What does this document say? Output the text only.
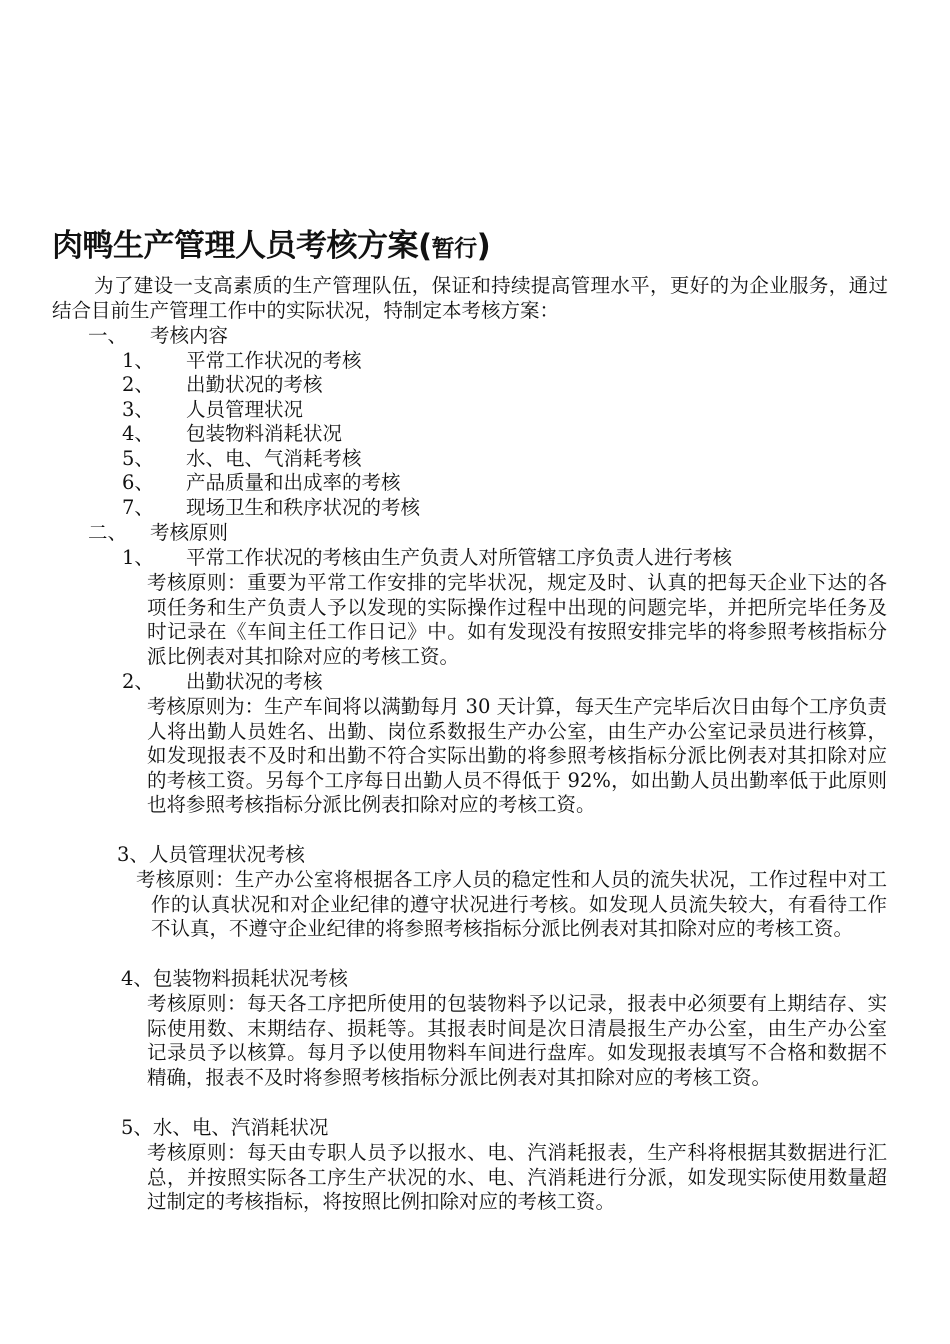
肉鸭生产管理人员考核方案(暂行)

为了建设一支高素质的生产管理队伍，保证和持续提高管理水平，更好的为企业服务，通过结合目前生产管理工作中的实际状况，特制定本考核方案：

一、 考核内容
1、 平常工作状况的考核
2、 出勤状况的考核
3、 人员管理状况
4、 包装物料消耗状况
5、 水、电、气消耗考核
6、 产品质量和出成率的考核
7、 现场卫生和秩序状况的考核
二、 考核原则
1、 平常工作状况的考核由生产负责人对所管辖工序负责人进行考核

考核原则：重要为平常工作安排的完毕状况，规定及时、认真的把每天企业下达的各项任务和生产负责人予以发现的实际操作过程中出现的问题完毕，并把所完毕任务及时记录在《车间主任工作日记》中。如有发现没有按照安排完毕的将参照考核指标分派比例表对其扣除对应的考核工资。

2、 出勤状况的考核

考核原则为：生产车间将以满勤每月 30 天计算，每天生产完毕后次日由每个工序负责人将出勤人员姓名、出勤、岗位系数报生产办公室，由生产办公室记录员进行核算，如发现报表不及时和出勤不符合实际出勤的将参照考核指标分派比例表对其扣除对应的考核工资。另每个工序每日出勤人员不得低于 92%，如出勤人员出勤率低于此原则也将参照考核指标分派比例表扣除对应的考核工资。

3、人员管理状况考核

考核原则：生产办公室将根据各工序人员的稳定性和人员的流失状况，工作过程中对工作的认真状况和对企业纪律的遵守状况进行考核。如发现人员流失较大，有看待工作不认真，不遵守企业纪律的将参照考核指标分派比例表对其扣除对应的考核工资。

4、包装物料损耗状况考核

考核原则：每天各工序把所使用的包装物料予以记录，报表中必须要有上期结存、实际使用数、末期结存、损耗等。其报表时间是次日清晨报生产办公室，由生产办公室记录员予以核算。每月予以使用物料车间进行盘库。如发现报表填写不合格和数据不精确，报表不及时将参照考核指标分派比例表对其扣除对应的考核工资。

5、水、电、汽消耗状况

考核原则：每天由专职人员予以报水、电、汽消耗报表，生产科将根据其数据进行汇总，并按照实际各工序生产状况的水、电、汽消耗进行分派，如发现实际使用数量超过制定的考核指标，将按照比例扣除对应的考核工资。
